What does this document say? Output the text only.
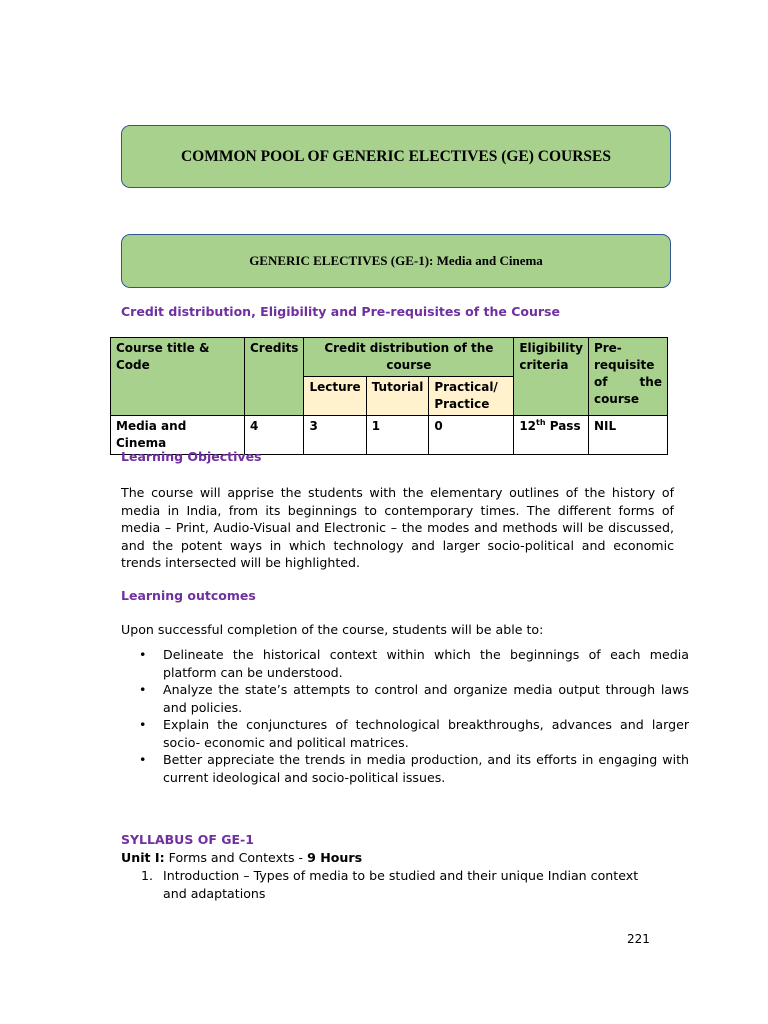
COMMON POOL OF GENERIC ELECTIVES (GE) COURSES
GENERIC ELECTIVES (GE-1): Media and Cinema
Credit distribution, Eligibility and Pre-requisites of the Course
Course title & Code	Credits	Credit distribution of the course			Eligibility criteria	Pre-requisite of the course
		Lecture	Tutorial	Practical/ Practice		
Media and Cinema	4	3	1	0	12th Pass	NIL
Learning Objectives
The course will apprise the students with the elementary outlines of the history of media in India, from its beginnings to contemporary times. The different forms of media – Print, Audio-Visual and Electronic – the modes and methods will be discussed, and the potent ways in which technology and larger socio-political and economic trends intersected will be highlighted.
Learning outcomes
Upon successful completion of the course, students will be able to:
• Delineate the historical context within which the beginnings of each media platform can be understood.
• Analyze the state’s attempts to control and organize media output through laws and policies.
• Explain the conjunctures of technological breakthroughs, advances and larger socio- economic and political matrices.
• Better appreciate the trends in media production, and its efforts in engaging with current ideological and socio-political issues.
SYLLABUS OF GE-1
Unit I: Forms and Contexts - 9 Hours
1. Introduction – Types of media to be studied and their unique Indian context and adaptations
221
